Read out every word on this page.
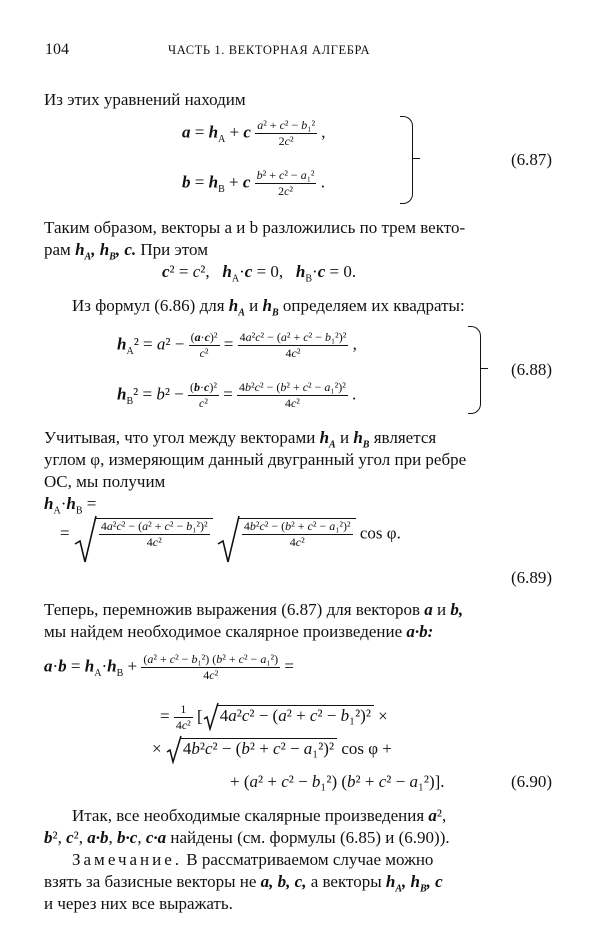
104	ЧАСТЬ 1. ВЕКТОРНАЯ АЛГЕБРА
Из этих уравнений находим
$a = h_A + c \frac{\text{a² + c² − b₁²}}{\text{2c²}}$ ,
$b = h_B + c \frac{\text{b² + c² − a₁²}}{\text{2c²}}$ .
(6.87)
Таким образом, векторы a и b разложились по трем векто-
рам $h_A$, $h_B$, c. При этом
c² = c²,   $h_A\cdot c = 0$,   $h_B\cdot c = 0$.
Из формул (6.86) для $h_A$ и $h_B$ определяем их квадраты:
$h_A^2 = a^2 - \frac{\text{(a·c)²}}{\text{c²}} = \frac{\text{4a²c² − (a² + c² − b₁²)²}}{\text{4c²}}$ ,
$h_B^2 = b^2 - \frac{\text{(b·c)²}}{\text{c²}} = \frac{\text{4b²c² − (b² + c² − a₁²)²}}{\text{4c²}}$ .
(6.88)
Учитывая, что угол между векторами $h_A$ и $h_B$ является
углом φ, измеряющим данный двугранный угол при ребре
OC, мы получим
$h_A\cdot h_B$ =
= $\frac{\text{4a²c² − (a² + c² − b₁²)²}}{\text{4c²}}$
	$\frac{\text{4b²c² − (b² + c² − a₁²)²}}{\text{4c²}}$ cos φ.
(6.89)
Теперь, перемножив выражения (6.87) для векторов a и b,
мы найдем необходимое скалярное произведение a·b:
$a\cdot b = h_A\cdot h_B + \frac{\text{(a² + c² − b₁²) (b² + c² − a₁²)}}{\text{4c²}}$ =
= $\frac{1}{\text{4c²}}$ [ 4a²c² − (a² + c² − b₁²)² ×
×
4b²c² − (b² + c² − a₁²)² cos φ +
+ (a² + c² − b₁²) (b² + c² − a₁²)].	(6.90)
Итак, все необходимые скалярные произведения a²,
b², c², a·b, b·c, c·a найдены (см. формулы (6.85) и (6.90)).
Замечание. В рассматриваемом случае можно
взять за базисные векторы не a, b, c, а векторы $h_A$, $h_B$, c
и через них все выражать.
